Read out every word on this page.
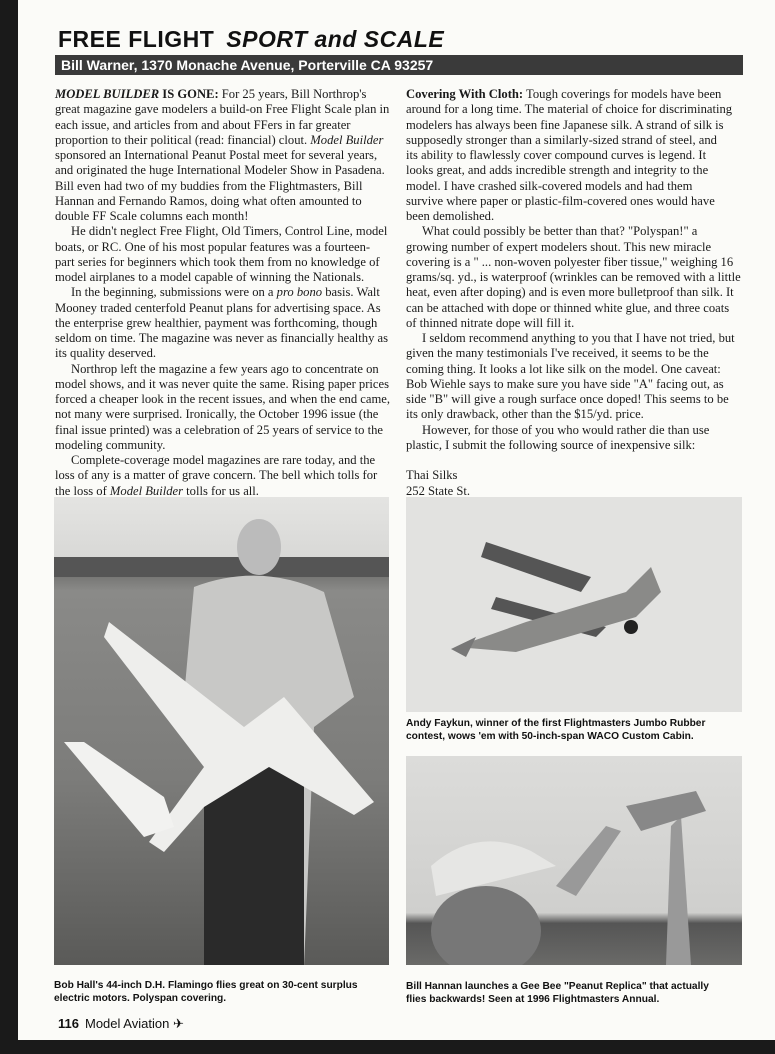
FREE FLIGHT SPORT and SCALE
Bill Warner, 1370 Monache Avenue, Porterville CA 93257
MODEL BUILDER IS GONE: For 25 years, Bill Northrop's
great magazine gave modelers a build-on Free Flight Scale plan in
each issue, and articles from and about FFers in far greater
proportion to their political (read: financial) clout. Model Builder
sponsored an International Peanut Postal meet for several years,
and originated the huge International Modeler Show in Pasadena.
Bill even had two of my buddies from the Flightmasters, Bill
Hannan and Fernando Ramos, doing what often amounted to
double FF Scale columns each month!
He didn't neglect Free Flight, Old Timers, Control Line, model
boats, or RC. One of his most popular features was a fourteen-
part series for beginners which took them from no knowledge of
model airplanes to a model capable of winning the Nationals.
In the beginning, submissions were on a pro bono basis. Walt
Mooney traded centerfold Peanut plans for advertising space. As
the enterprise grew healthier, payment was forthcoming, though
seldom on time. The magazine was never as financially healthy as
its quality deserved.
Northrop left the magazine a few years ago to concentrate on
model shows, and it was never quite the same. Rising paper prices
forced a cheaper look in the recent issues, and when the end came,
not many were surprised. Ironically, the October 1996 issue (the
final issue printed) was a celebration of 25 years of service to the
modeling community.
Complete-coverage model magazines are rare today, and the
loss of any is a matter of grave concern. The bell which tolls for
the loss of Model Builder tolls for us all.
Covering With Cloth: Tough coverings for models have been
around for a long time. The material of choice for discriminating
modelers has always been fine Japanese silk. A strand of silk is
supposedly stronger than a similarly-sized strand of steel, and
its ability to flawlessly cover compound curves is legend. It
looks great, and adds incredible strength and integrity to the
model. I have crashed silk-covered models and had them
survive where paper or plastic-film-covered ones would have
been demolished.
What could possibly be better than that? "Polyspan!" a
growing number of expert modelers shout. This new miracle
covering is a " ... non-woven polyester fiber tissue," weighing 16
grams/sq. yd., is waterproof (wrinkles can be removed with a little
heat, even after doping) and is even more bulletproof than silk. It
can be attached with dope or thinned white glue, and three coats
of thinned nitrate dope will fill it.
I seldom recommend anything to you that I have not tried, but
given the many testimonials I've received, it seems to be the
coming thing. It looks a lot like silk on the model. One caveat:
Bob Wiehle says to make sure you have side "A" facing out, as
side "B" will give a rough surface once doped! This seems to be
its only drawback, other than the $15/yd. price.
However, for those of you who would rather die than use
plastic, I submit the following source of inexpensive silk:
Thai Silks
252 State St.
Bob Hall's 44-inch D.H. Flamingo flies great on 30-cent surplus
electric motors. Polyspan covering.
Andy Faykun, winner of the first Flightmasters Jumbo Rubber
contest, wows 'em with 50-inch-span WACO Custom Cabin.
Bill Hannan launches a Gee Bee "Peanut Replica" that actually
flies backwards! Seen at 1996 Flightmasters Annual.
116 Model Aviation ✈
